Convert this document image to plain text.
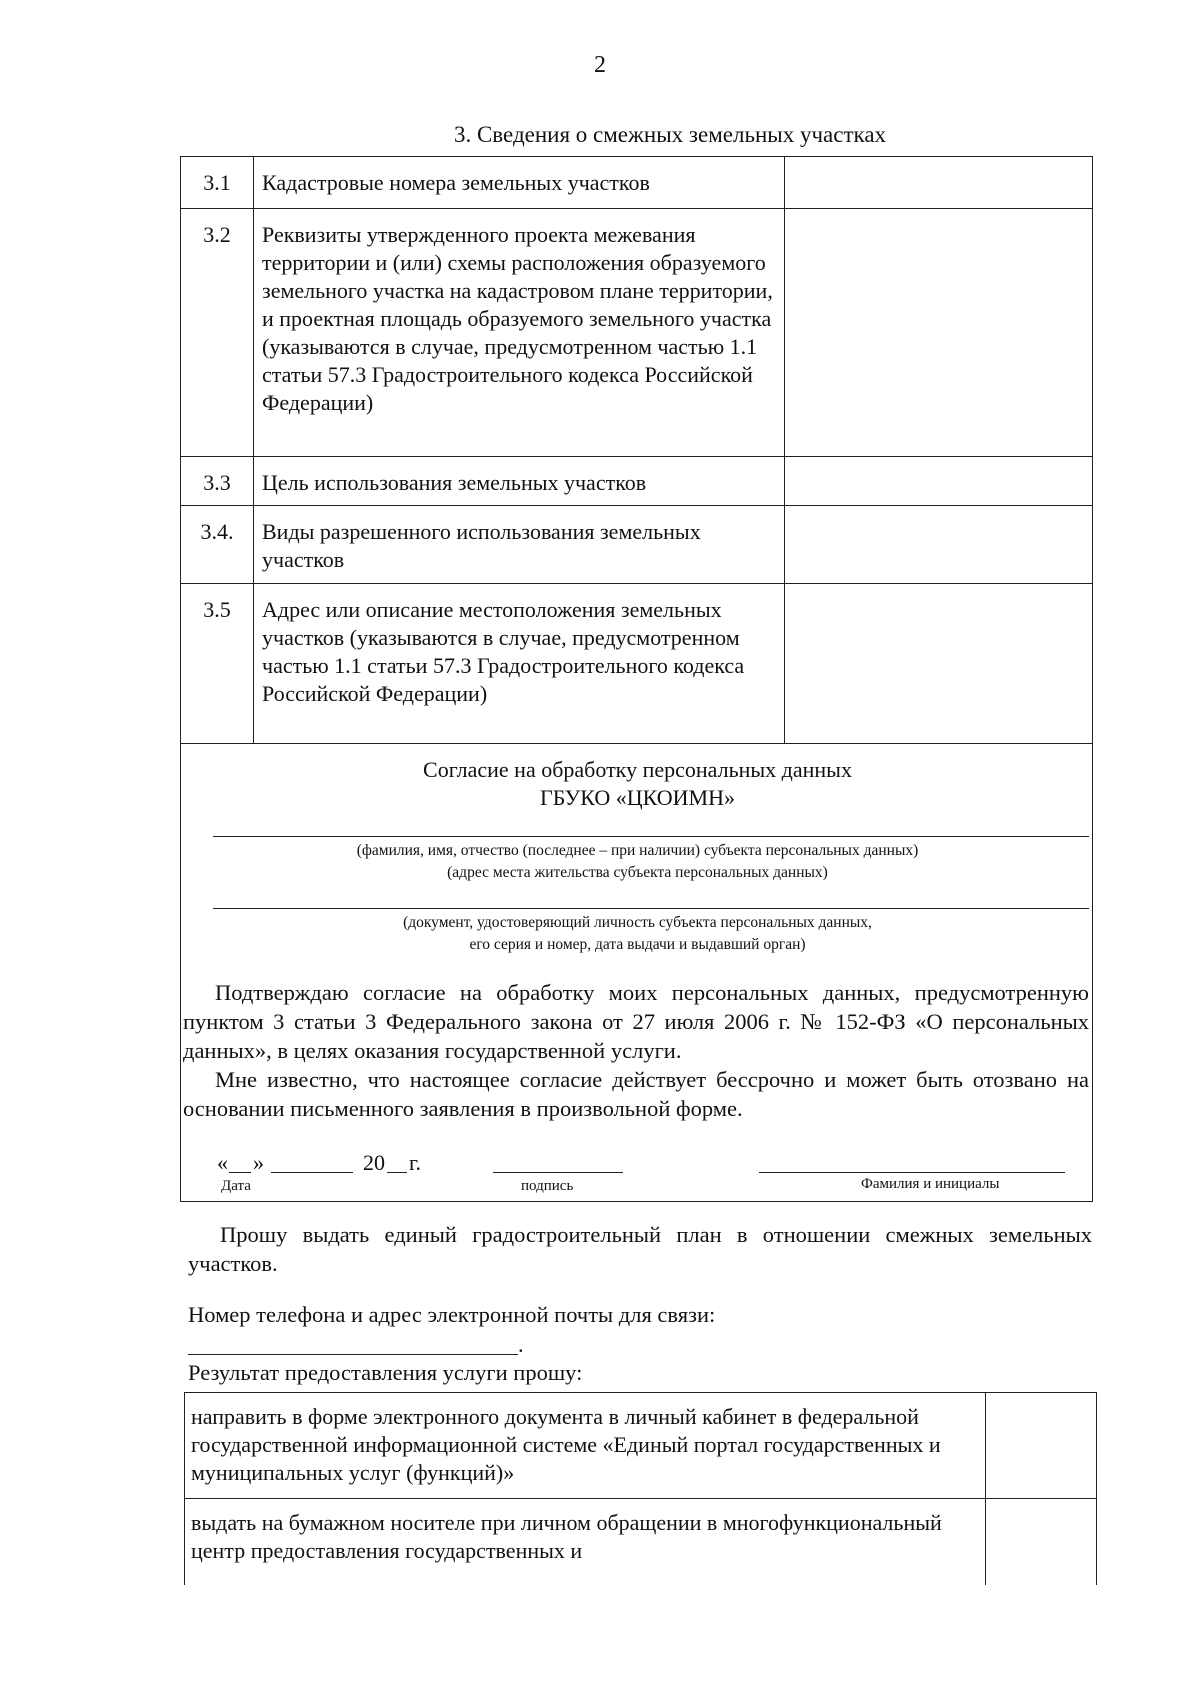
2
3. Сведения о смежных земельных участках
3.1	Кадастровые номера земельных участков	
3.2	Реквизиты утвержденного проекта межевания территории и (или) схемы расположения образуемого земельного участка на кадастровом плане территории, и проектная площадь образуемого земельного участка (указываются в случае, предусмотренном частью 1.1 статьи 57.3 Градостроительного кодекса Российской Федерации)	
3.3	Цель использования земельных участков	
3.4.	Виды разрешенного использования земельных участков	
3.5	Адрес или описание местоположения земельных участков (указываются в случае, предусмотренном частью 1.1 статьи 57.3 Градостроительного кодекса Российской Федерации)	
Согласие на обработку персональных данных
ГБУКО «ЦКОИМН»
(фамилия, имя, отчество (последнее – при наличии) субъекта персональных данных)
(адрес места жительства субъекта персональных данных)
(документ, удостоверяющий личность субъекта персональных данных,
его серия и номер, дата выдачи и выдавший орган)

Подтверждаю согласие на обработку моих персональных данных, предусмотренную пунктом 3 статьи 3 Федерального закона от 27 июля 2006 г. № 152-ФЗ «О персональных данных», в целях оказания государственной услуги.

Мне известно, что настоящее согласие действует бессрочно и может быть отозвано на основании письменного заявления в произвольной форме.

« »	20 г.
Дата	подпись	Фамилия и инициалы
Прошу выдать единый градостроительный план в отношении смежных земельных участков.
Номер телефона и адрес электронной почты для связи:
.
Результат предоставления услуги прошу:
направить в форме электронного документа в личный кабинет в федеральной государственной информационной системе «Единый портал государственных и муниципальных услуг (функций)»	
выдать на бумажном носителе при личном обращении в многофункциональный центр предоставления государственных и	
